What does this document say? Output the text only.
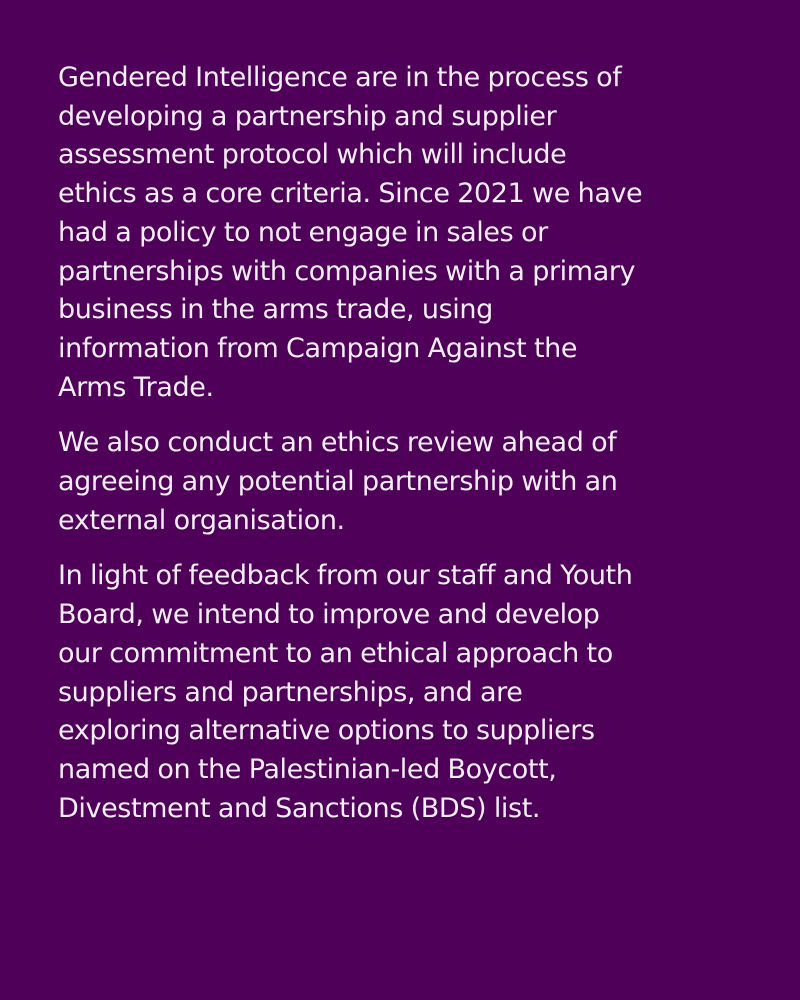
Gendered Intelligence are in the process of
developing a partnership and supplier
assessment protocol which will include
ethics as a core criteria. Since 2021 we have
had a policy to not engage in sales or
partnerships with companies with a primary
business in the arms trade, using
information from Campaign Against the
Arms Trade.

We also conduct an ethics review ahead of
agreeing any potential partnership with an
external organisation.

In light of feedback from our staff and Youth
Board, we intend to improve and develop
our commitment to an ethical approach to
suppliers and partnerships, and are
exploring alternative options to suppliers
named on the Palestinian-led Boycott,
Divestment and Sanctions (BDS) list.
